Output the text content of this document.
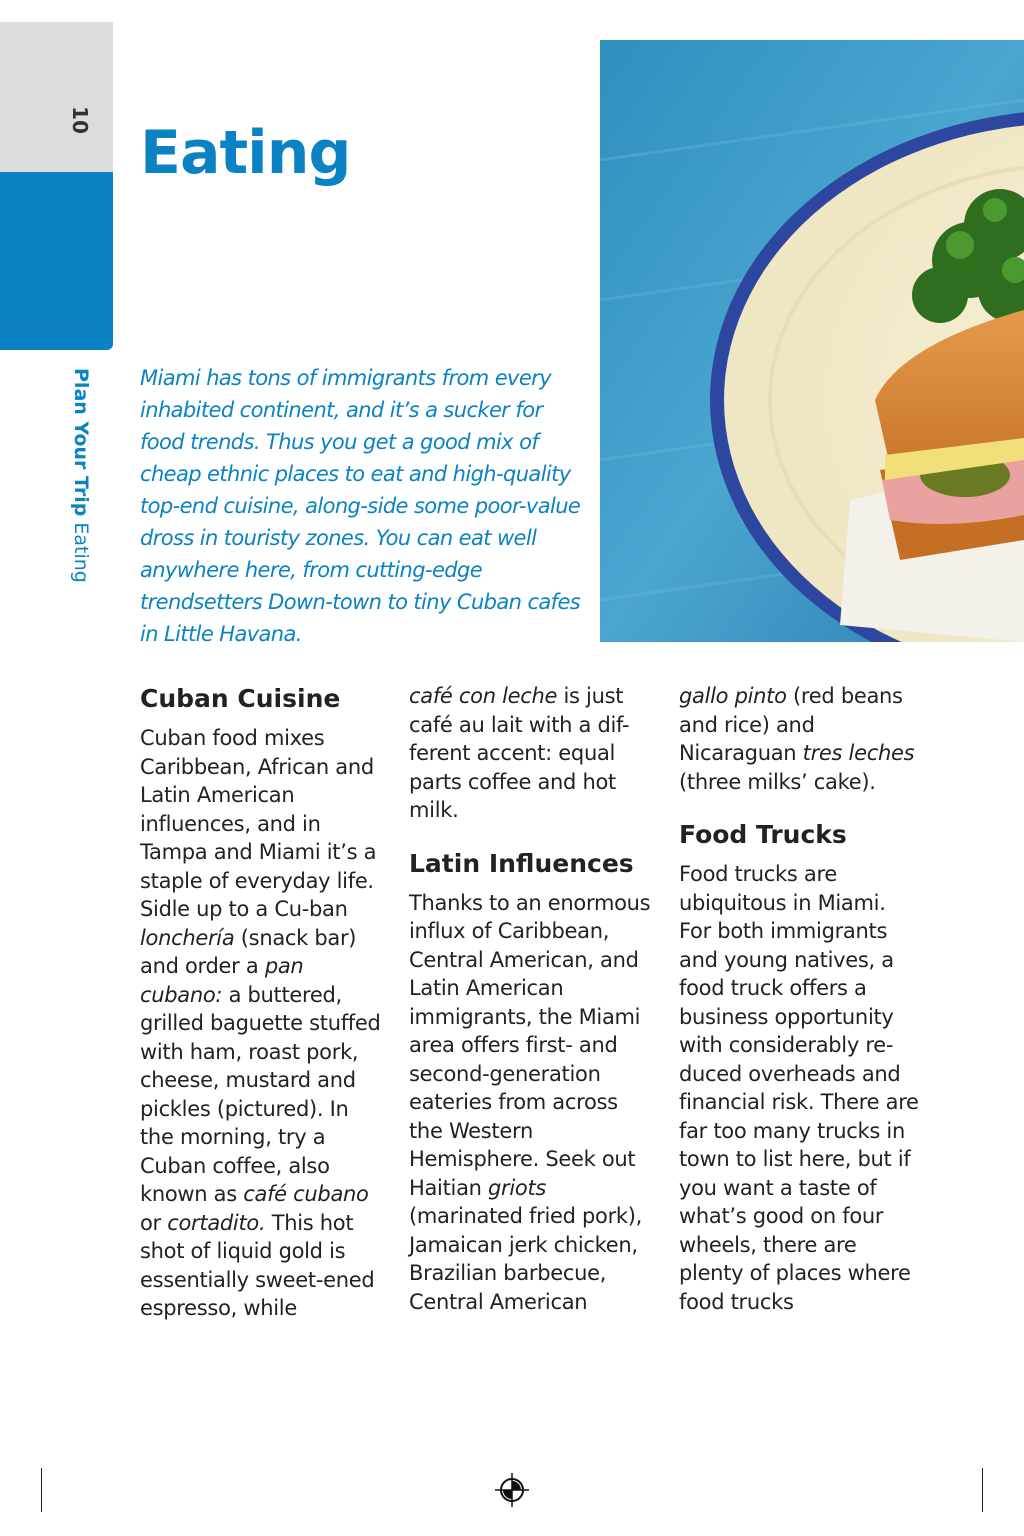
10
Plan Your TripEating
Eating

Miami has tons of immigrants from every inhabited continent, and it’s a sucker for food trends. Thus you get a good mix of cheap ethnic places to eat and high-quality top-end cuisine, along-side some poor-value dross in touristy zones. You can eat well anywhere here, from cutting-edge trendsetters Down-town to tiny Cuban cafes in Little Havana.

Cuban Cuisine

Cuban food mixes Caribbean, African and Latin American influences, and in Tampa and Miami it’s a staple of everyday life. Sidle up to a Cu-ban lonchería (snack bar) and order a pan cubano: a buttered, grilled baguette stuffed with ham, roast pork, cheese, mustard and pickles (pictured). In the morning, try a Cuban coffee, also known as café cubano or cortadito. This hot shot of liquid gold is essentially sweet-ened espresso, while

café con leche is just café au lait with a dif-ferent accent: equal parts coffee and hot milk.

Latin Influences

Thanks to an enormous influx of Caribbean, Central American, and Latin American immigrants, the Miami area offers first- and second-generation eateries from across the Western Hemisphere. Seek out Haitian griots (marinated fried pork), Jamaican jerk chicken, Brazilian barbecue, Central American

gallo pinto (red beans and rice) and Nicaraguan tres leches (three milks’ cake).

Food Trucks

Food trucks are ubiquitous in Miami. For both immigrants and young natives, a food truck offers a business opportunity with considerably re-duced overheads and financial risk. There are far too many trucks in town to list here, but if you want a taste of what’s good on four wheels, there are plenty of places where food trucks
